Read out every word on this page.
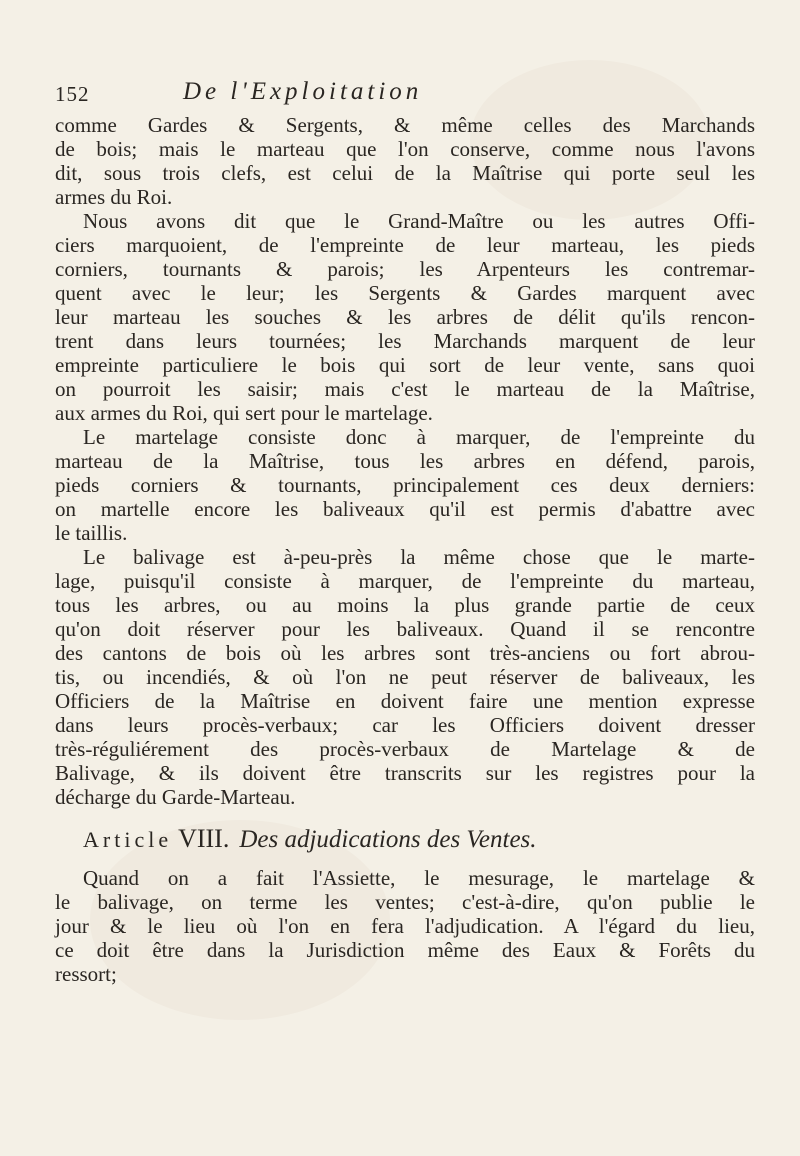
152	De l'Exploitation
comme Gardes & Sergents, & même celles des Marchands
de bois; mais le marteau que l'on conserve, comme nous l'avons
dit, sous trois clefs, est celui de la Maîtrise qui porte seul les
armes du Roi.
Nous avons dit que le Grand-Maître ou les autres Offi-
ciers marquoient, de l'empreinte de leur marteau, les pieds
corniers, tournants & parois; les Arpenteurs les contremar-
quent avec le leur; les Sergents & Gardes marquent avec
leur marteau les souches & les arbres de délit qu'ils rencon-
trent dans leurs tournées; les Marchands marquent de leur
empreinte particuliere le bois qui sort de leur vente, sans quoi
on pourroit les saisir; mais c'est le marteau de la Maîtrise,
aux armes du Roi, qui sert pour le martelage.
Le martelage consiste donc à marquer, de l'empreinte du
marteau de la Maîtrise, tous les arbres en défend, parois,
pieds corniers & tournants, principalement ces deux derniers:
on martelle encore les baliveaux qu'il est permis d'abattre avec
le taillis.
Le balivage est à-peu-près la même chose que le marte-
lage, puisqu'il consiste à marquer, de l'empreinte du marteau,
tous les arbres, ou au moins la plus grande partie de ceux
qu'on doit réserver pour les baliveaux. Quand il se rencontre
des cantons de bois où les arbres sont très-anciens ou fort abrou-
tis, ou incendiés, & où l'on ne peut réserver de baliveaux, les
Officiers de la Maîtrise en doivent faire une mention expresse
dans leurs procès-verbaux; car les Officiers doivent dresser
très-réguliérement des procès-verbaux de Martelage & de
Balivage, & ils doivent être transcrits sur les registres pour la
décharge du Garde-Marteau.
Article VIII. Des adjudications des Ventes.
Quand on a fait l'Assiette, le mesurage, le martelage &
le balivage, on terme les ventes; c'est-à-dire, qu'on publie le
jour & le lieu où l'on en fera l'adjudication. A l'égard du lieu,
ce doit être dans la Jurisdiction même des Eaux & Forêts du
ressort;
